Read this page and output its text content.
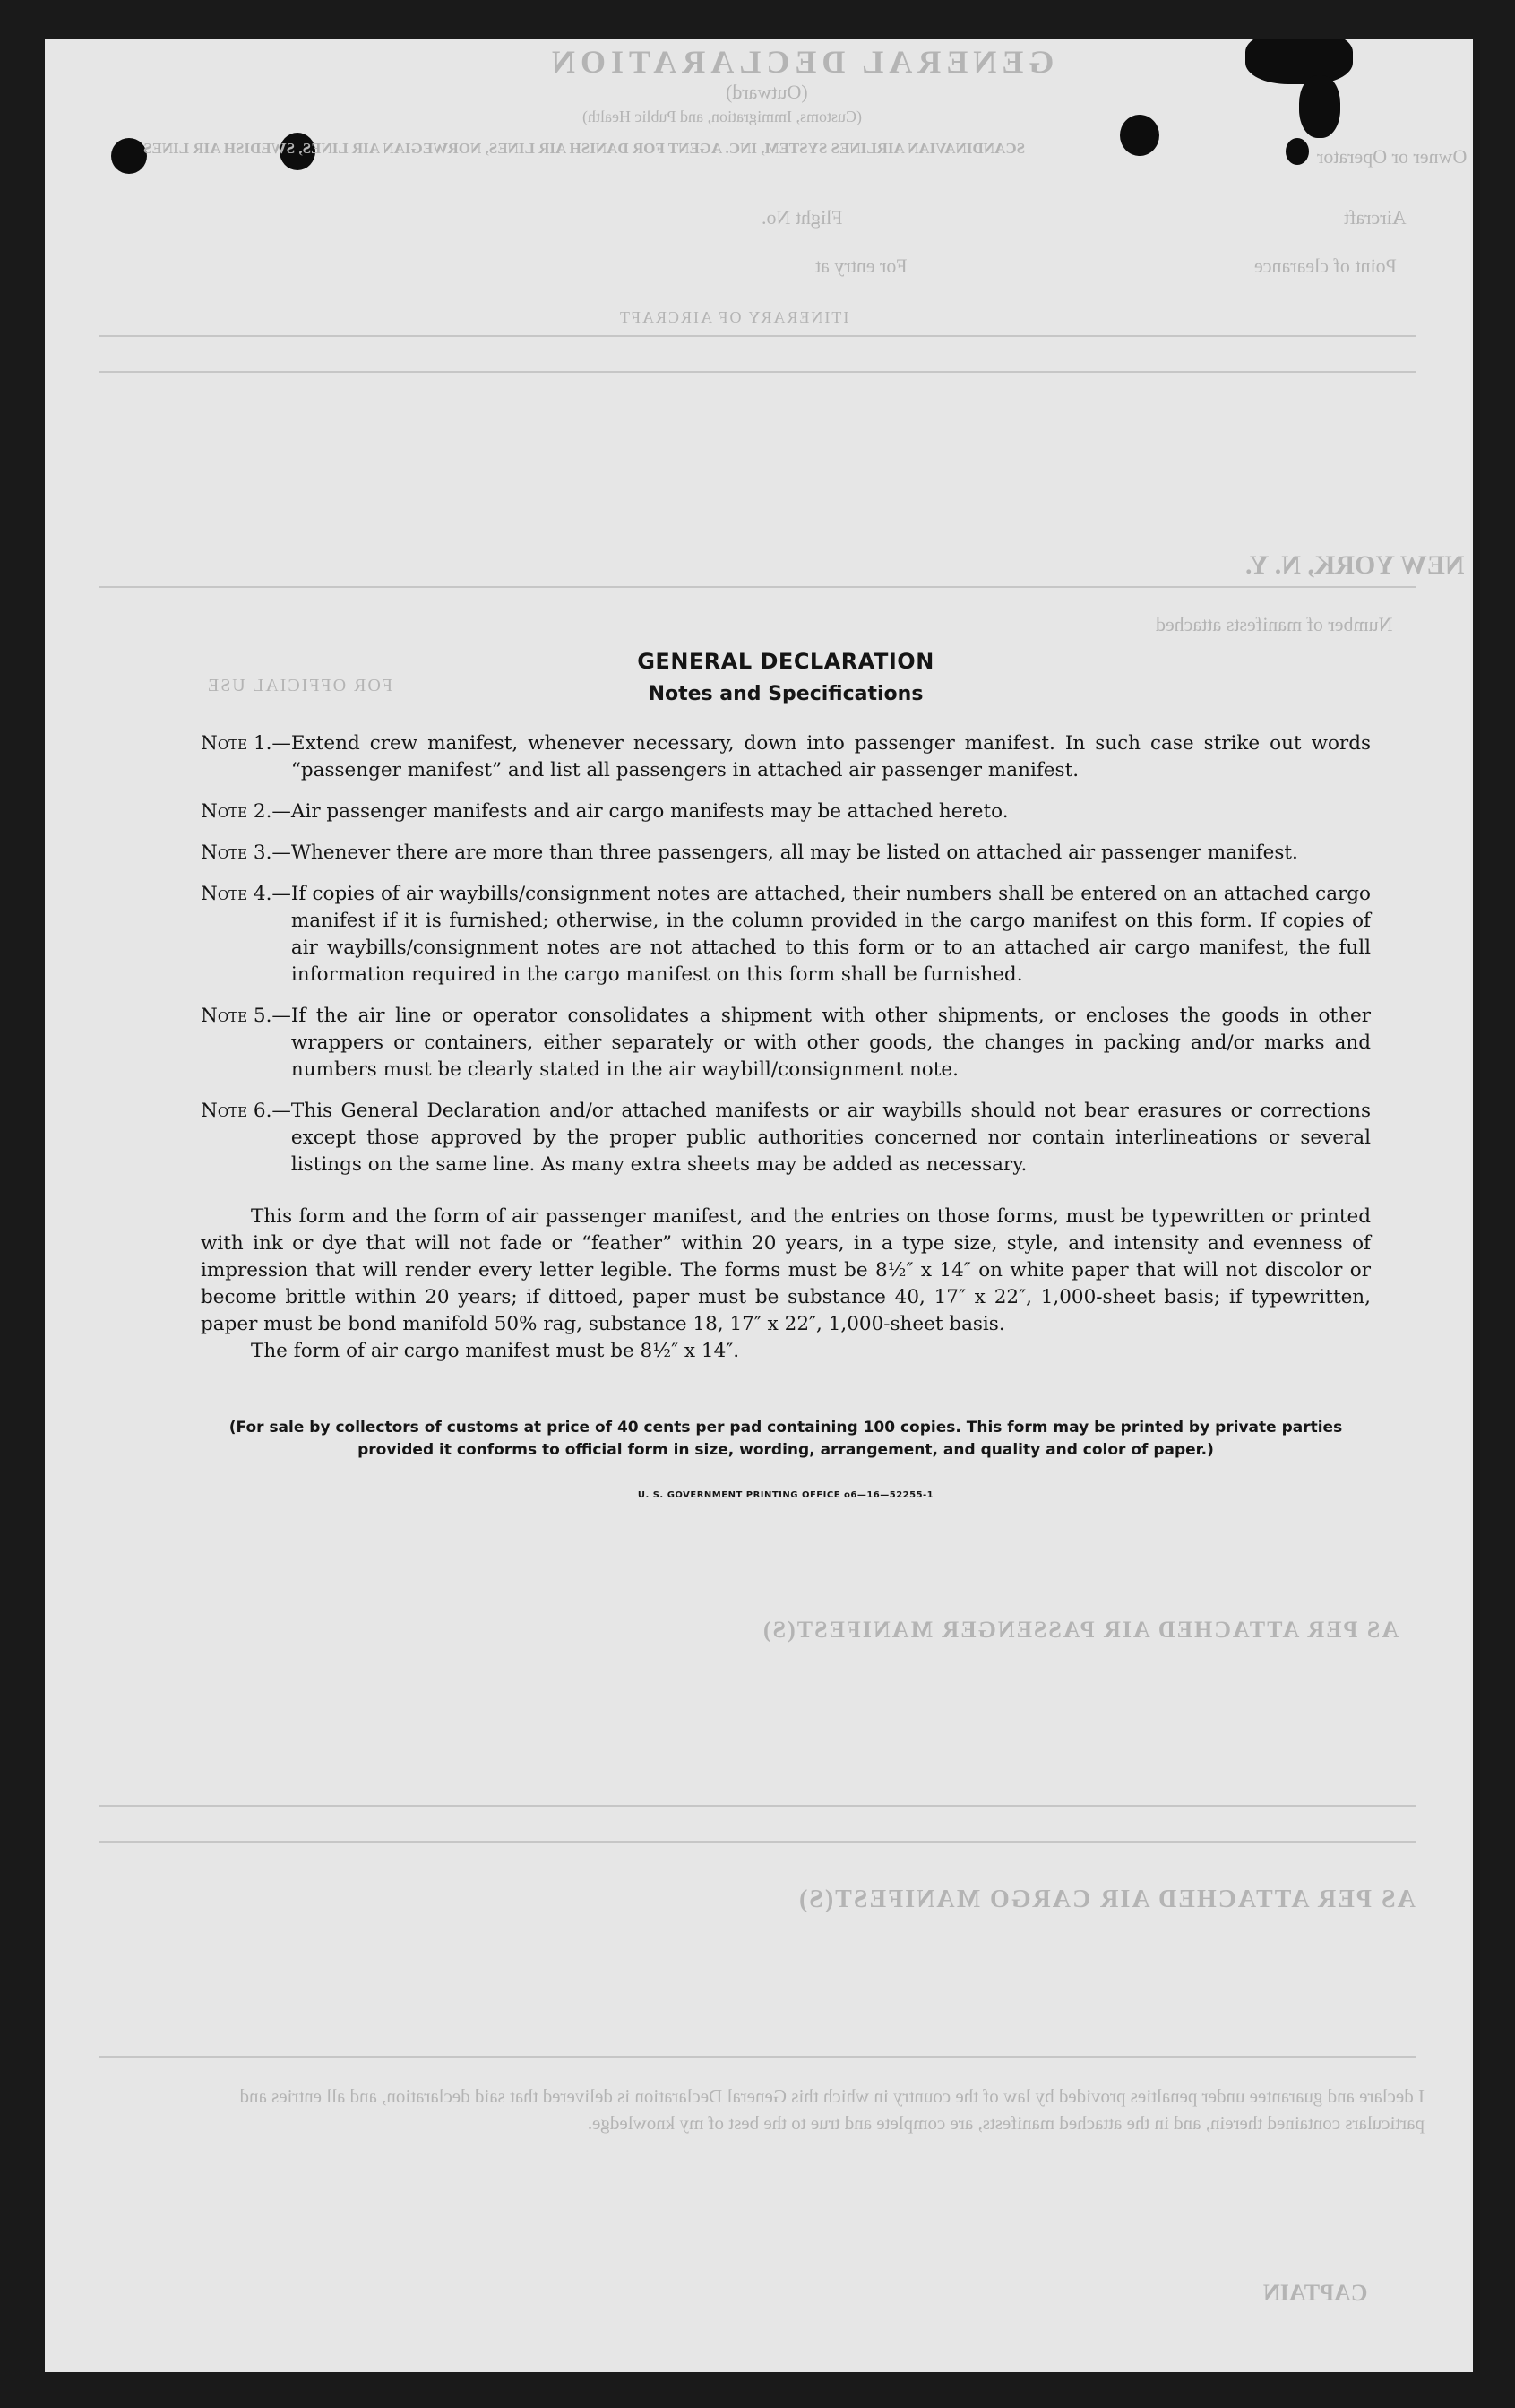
GENERAL DECLARATION
(Outward)
(Customs, Immigration, and Public Health)
SCANDINAVIAN AIRLINES SYSTEM, INC. AGENT FOR DANISH AIR LINES, NORWEGIAN AIR LINES, SWEDISH AIR LINES	Owner or Operator
Aircraft
Flight No.
Point of clearance
For entry at
ITINERARY OF AIRCRAFT
NEW YORK, N. Y.
Number of manifests attached
FOR OFFICIAL USE
AS PER ATTACHED AIR PASSENGER MANIFEST(S)
AS PER ATTACHED AIR CARGO MANIFEST(S)
I declare and guarantee under penalties provided by law of the country in which this General Declaration is delivered that said declaration, and all entries and particulars contained therein, and in the attached manifests, are complete and true to the best of my knowledge.
CAPTAIN
GENERAL DECLARATION
Notes and Specifications
Note 1.— Extend crew manifest, whenever necessary, down into passenger manifest. In such case strike out words “passenger manifest” and list all passengers in attached air passenger manifest.
Note 2.— Air passenger manifests and air cargo manifests may be attached hereto.
Note 3.— Whenever there are more than three passengers, all may be listed on attached air passenger manifest.
Note 4.— If copies of air waybills/consignment notes are attached, their numbers shall be entered on an attached cargo manifest if it is furnished; otherwise, in the column provided in the cargo manifest on this form. If copies of air waybills/consignment notes are not attached to this form or to an attached air cargo manifest, the full information required in the cargo manifest on this form shall be furnished.
Note 5.— If the air line or operator consolidates a shipment with other shipments, or encloses the goods in other wrappers or containers, either separately or with other goods, the changes in packing and/or marks and numbers must be clearly stated in the air waybill/consignment note.
Note 6.— This General Declaration and/or attached manifests or air waybills should not bear erasures or corrections except those approved by the proper public authorities concerned nor contain interlineations or several listings on the same line. As many extra sheets may be added as necessary.

This form and the form of air passenger manifest, and the entries on those forms, must be typewritten or printed with ink or dye that will not fade or “feather” within 20 years, in a type size, style, and intensity and evenness of impression that will render every letter legible. The forms must be 8½″ x 14″ on white paper that will not discolor or become brittle within 20 years; if dittoed, paper must be substance 40, 17″ x 22″, 1,000-sheet basis; if typewritten, paper must be bond manifold 50% rag, substance 18, 17″ x 22″, 1,000-sheet basis.

The form of air cargo manifest must be 8½″ x 14″.

(For sale by collectors of customs at price of 40 cents per pad containing 100 copies. This form may be printed by private parties provided it conforms to official form in size, wording, arrangement, and quality and color of paper.)
U. S. GOVERNMENT PRINTING OFFICE o6—16—52255-1
